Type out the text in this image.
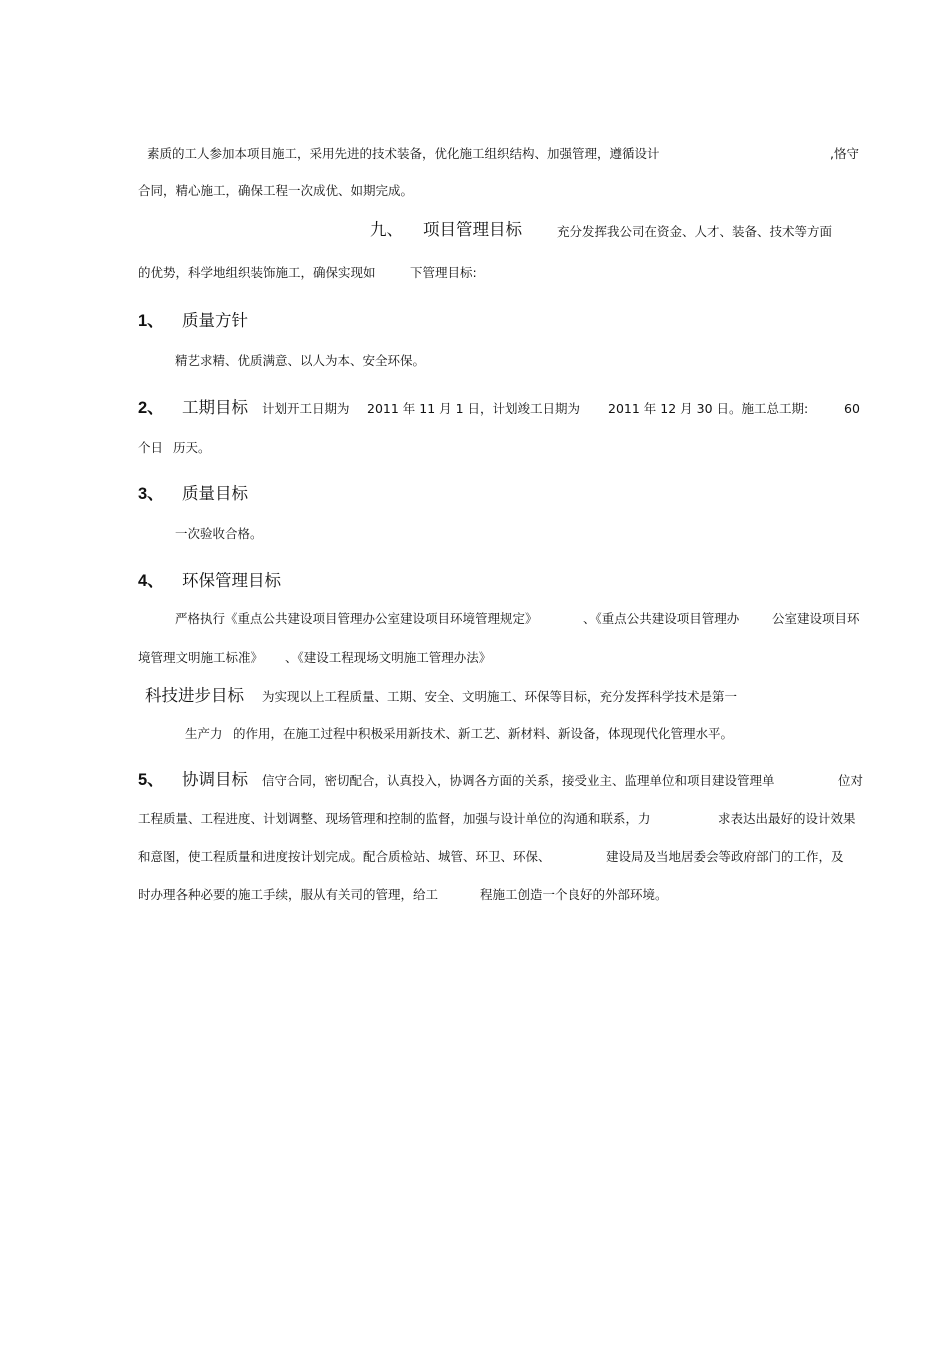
素质的工人参加本项目施工，采用先进的技术装备，优化施工组织结构、加强管理，遵循设计	,恪守
合同，精心施工，确保工程一次成优、如期完成。
九、 项目管理目标	充分发挥我公司在资金、人才、装备、技术等方面
的优势，科学地组织装饰施工，确保实现如	下管理目标:
1、 质量方针
精艺求精、优质满意、以人为本、安全环保。
2、 工期目标 计划开工日期为 2011 年 11 月 1 日，计划竣工日期为 2011 年 12 月 30 日。施工总工期:	60
个日 历天。
3、 质量目标
一次验收合格。
4、 环保管理目标
严格执行《重点公共建设项目管理办公室建设项目环境管理规定》	、《重点公共建设项目管理办	公室建设项目环
境管理文明施工标准》 、《建设工程现场文明施工管理办法》
科技进步目标 为实现以上工程质量、工期、安全、文明施工、环保等目标，充分发挥科学技术是第一
生产力 的作用，在施工过程中积极采用新技术、新工艺、新材料、新设备，体现现代化管理水平。
5、 协调目标 信守合同，密切配合，认真投入，协调各方面的关系，接受业主、监理单位和项目建设管理单	位对
工程质量、工程进度、计划调整、现场管理和控制的监督，加强与设计单位的沟通和联系，力	求表达出最好的设计效果
和意图，使工程质量和进度按计划完成。配合质检站、城管、环卫、环保、	建设局及当地居委会等政府部门的工作，及
时办理各种必要的施工手续，服从有关司的管理，给工	程施工创造一个良好的外部环境。
